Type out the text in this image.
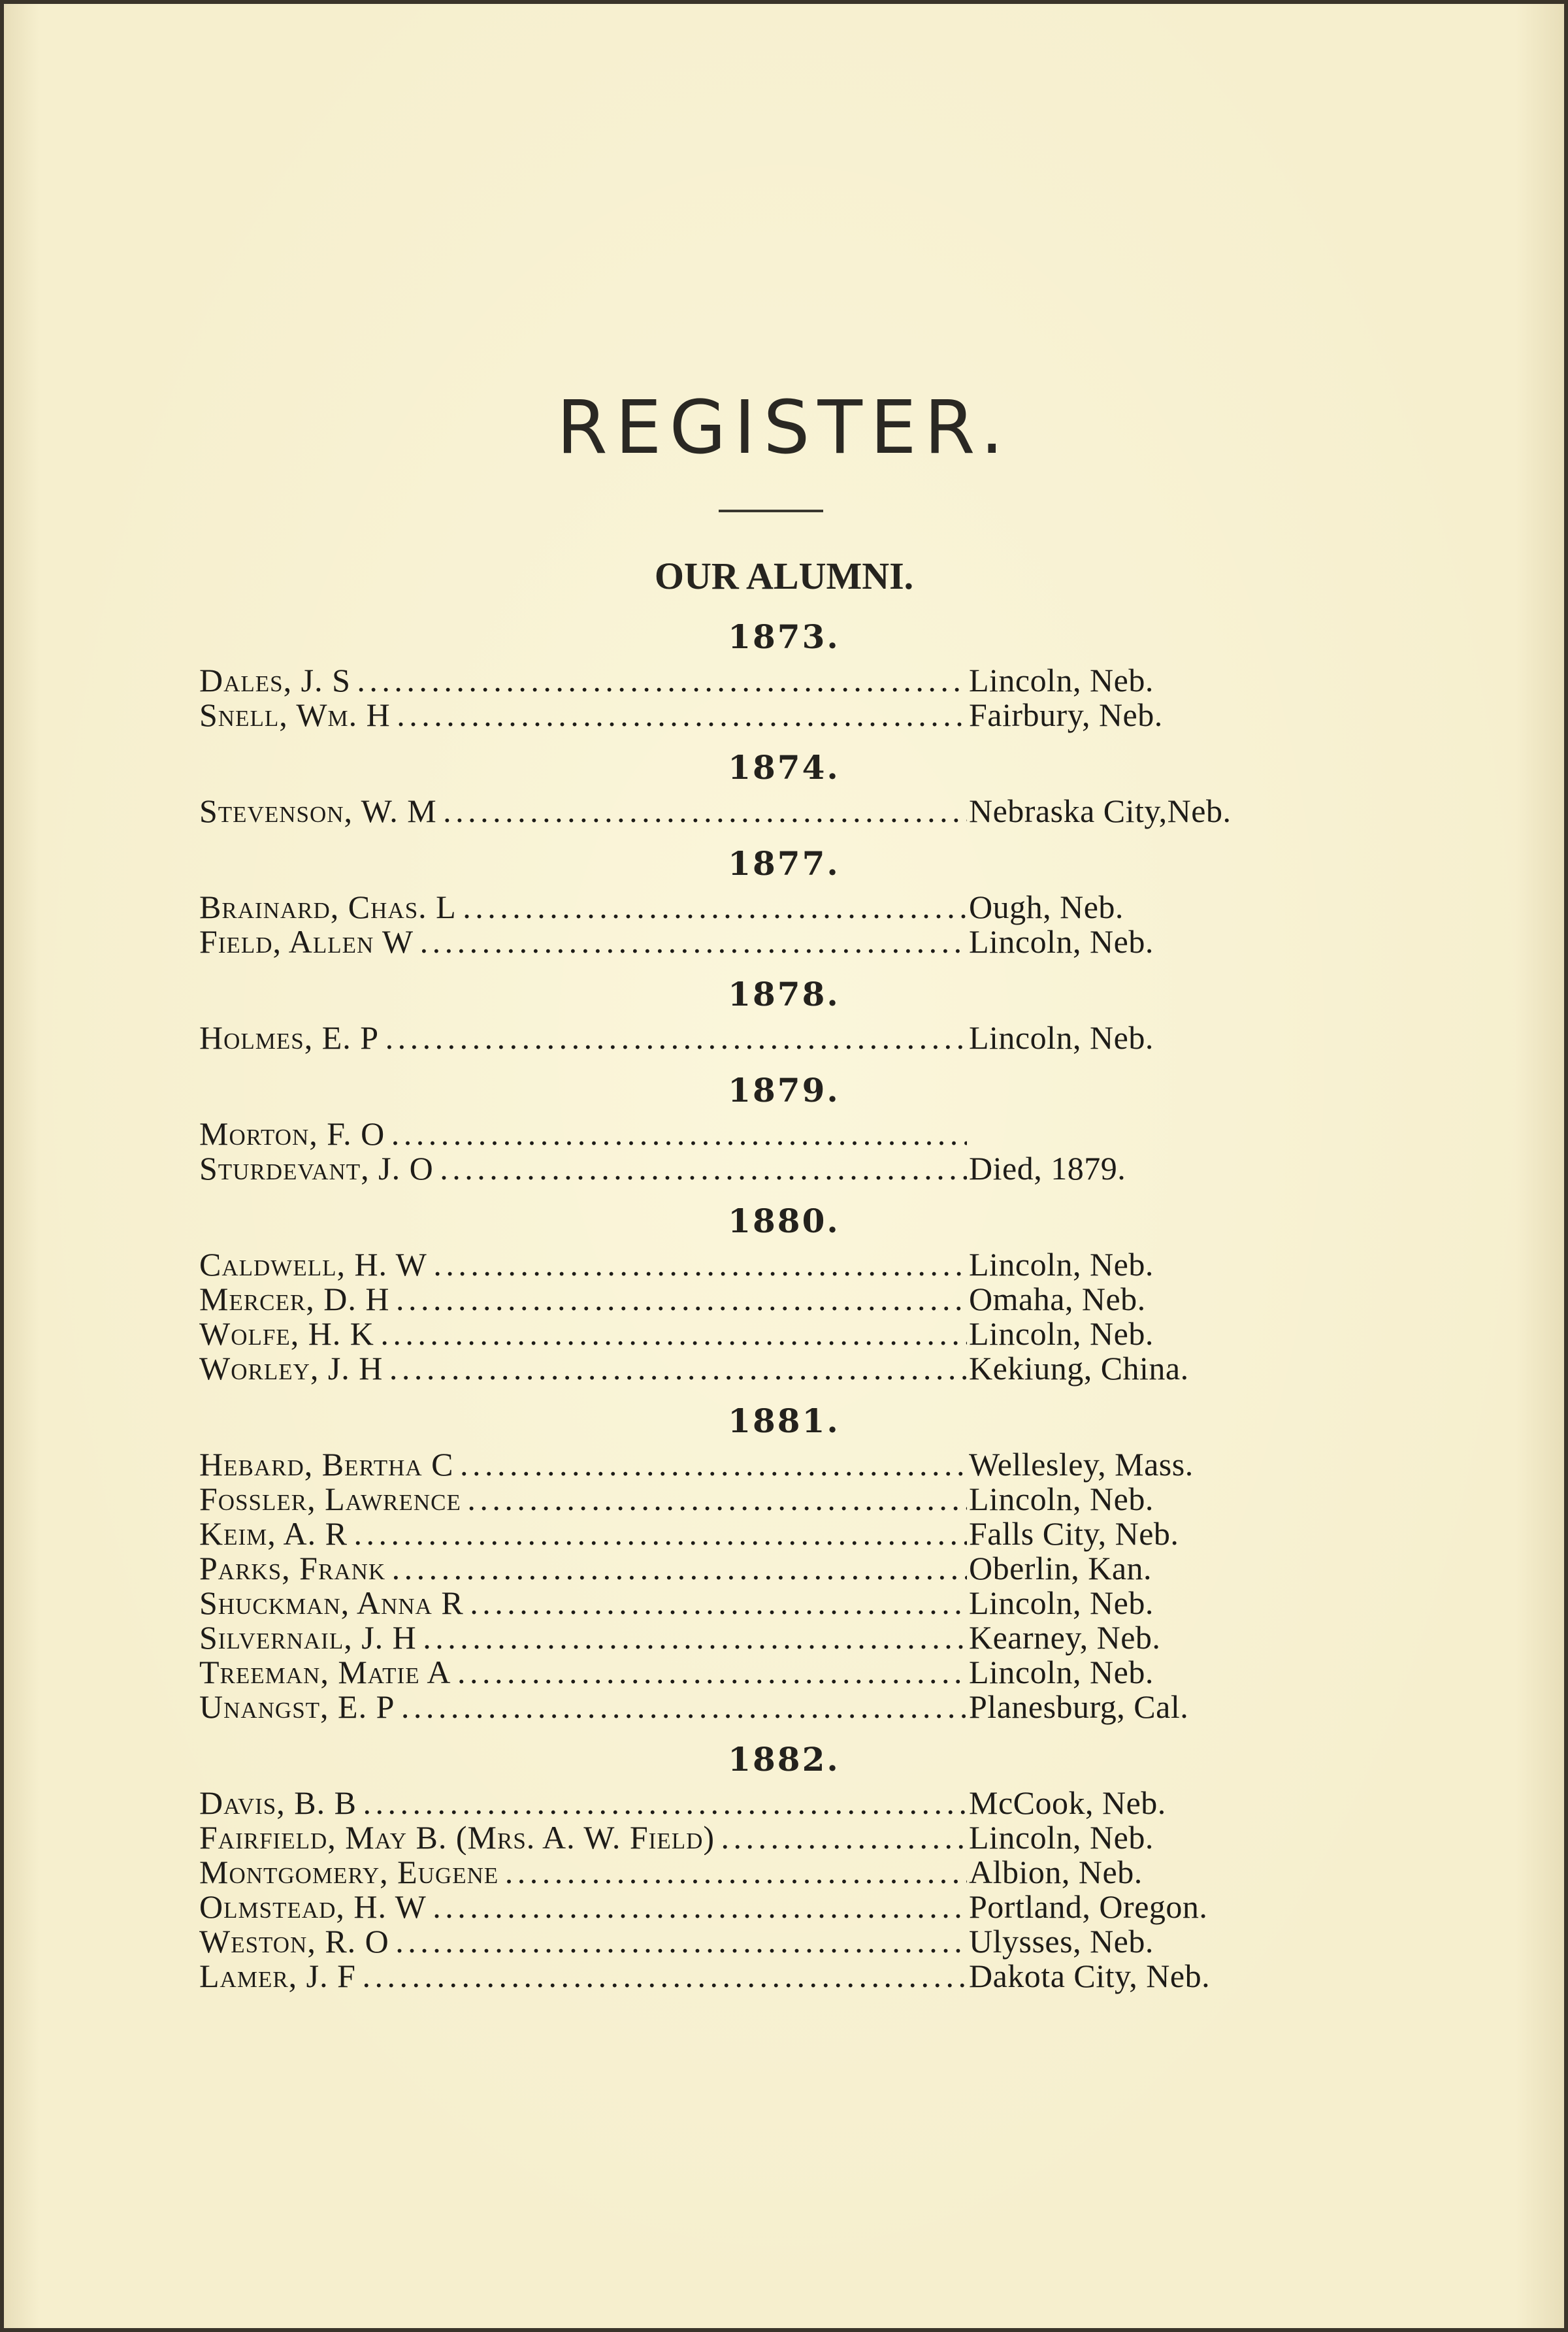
REGISTER.
OUR ALUMNI.
1873.
Dales, J. S . . .	Lincoln, Neb.
Snell, Wm. H . . .	Fairbury, Neb.
1874.
Stevenson, W. M . . .	Nebraska City,Neb.
1877.
Brainard, Chas. L . . .	Ough, Neb.
Field, Allen W . . .	Lincoln, Neb.
1878.
Holmes, E. P . . .	Lincoln, Neb.
1879.
Morton, F. O . . .
Sturdevant, J. O . . .	Died, 1879.
1880.
Caldwell, H. W . . .	Lincoln, Neb.
Mercer, D. H . . .	Omaha, Neb.
Wolfe, H. K . . .	Lincoln, Neb.
Worley, J. H . . .	Kekiung, China.
1881.
Hebard, Bertha C . . .	Wellesley, Mass.
Fossler, Lawrence . . .	Lincoln, Neb.
Keim, A. R . . .	Falls City, Neb.
Parks, Frank . . .	Oberlin, Kan.
Shuckman, Anna R . . .	Lincoln, Neb.
Silvernail, J. H . . .	Kearney, Neb.
Treeman, Matie A . . .	Lincoln, Neb.
Unangst, E. P . . .	Planesburg, Cal.
1882.
Davis, B. B . . .	McCook, Neb.
Fairfield, May B. (Mrs. A. W. Field) . . .	Lincoln, Neb.
Montgomery, Eugene . . .	Albion, Neb.
Olmstead, H. W . . .	Portland, Oregon.
Weston, R. O . . .	Ulysses, Neb.
Lamer, J. F . . .	Dakota City, Neb.
